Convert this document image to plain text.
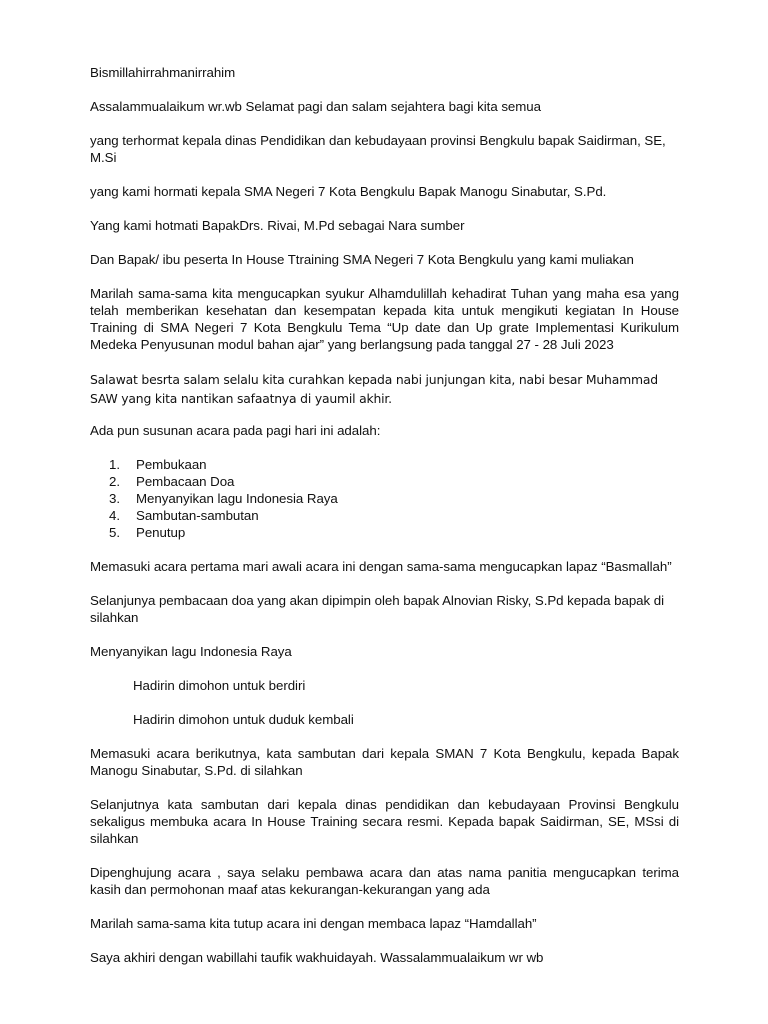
Bismillahirrahmanirrahim

Assalammualaikum wr.wb Selamat pagi dan salam sejahtera bagi kita semua

yang terhormat kepala dinas Pendidikan dan kebudayaan provinsi Bengkulu bapak Saidirman, SE, M.Si

yang kami hormati kepala SMA Negeri 7 Kota Bengkulu Bapak Manogu Sinabutar, S.Pd.

Yang kami hotmati BapakDrs. Rivai, M.Pd sebagai Nara sumber

Dan Bapak/ ibu peserta In House Ttraining SMA Negeri 7 Kota Bengkulu yang kami muliakan

Marilah sama-sama kita mengucapkan syukur Alhamdulillah kehadirat Tuhan yang maha esa yang telah memberikan kesehatan dan kesempatan kepada kita untuk mengikuti kegiatan In House Training di SMA Negeri 7 Kota Bengkulu Tema “Up date dan Up grate Implementasi Kurikulum Medeka Penyusunan modul bahan ajar” yang berlangsung pada tanggal 27 - 28 Juli 2023

Salawat besrta salam selalu kita curahkan kepada nabi junjungan kita, nabi besar Muhammad SAW yang kita nantikan safaatnya di yaumil akhir.

Ada pun susunan acara pada pagi hari ini adalah:

1. Pembukaan
2. Pembacaan Doa
3. Menyanyikan lagu Indonesia Raya
4. Sambutan-sambutan
5. Penutup

Memasuki acara pertama mari awali acara ini dengan sama-sama mengucapkan lapaz “Basmallah”

Selanjunya pembacaan doa yang akan dipimpin oleh bapak Alnovian Risky, S.Pd kepada bapak di silahkan

Menyanyikan lagu Indonesia Raya

Hadirin dimohon untuk berdiri

Hadirin dimohon untuk duduk kembali

Memasuki acara berikutnya, kata sambutan dari kepala SMAN 7 Kota Bengkulu, kepada Bapak Manogu Sinabutar, S.Pd. di silahkan

Selanjutnya kata sambutan dari kepala dinas pendidikan dan kebudayaan Provinsi Bengkulu sekaligus membuka acara In House Training secara resmi. Kepada bapak Saidirman, SE, MSsi di silahkan

Dipenghujung acara , saya selaku pembawa acara dan atas nama panitia mengucapkan terima kasih dan permohonan maaf atas kekurangan-kekurangan yang ada

Marilah sama-sama kita tutup acara ini dengan membaca lapaz “Hamdallah”

Saya akhiri dengan wabillahi taufik wakhuidayah. Wassalammualaikum wr wb
